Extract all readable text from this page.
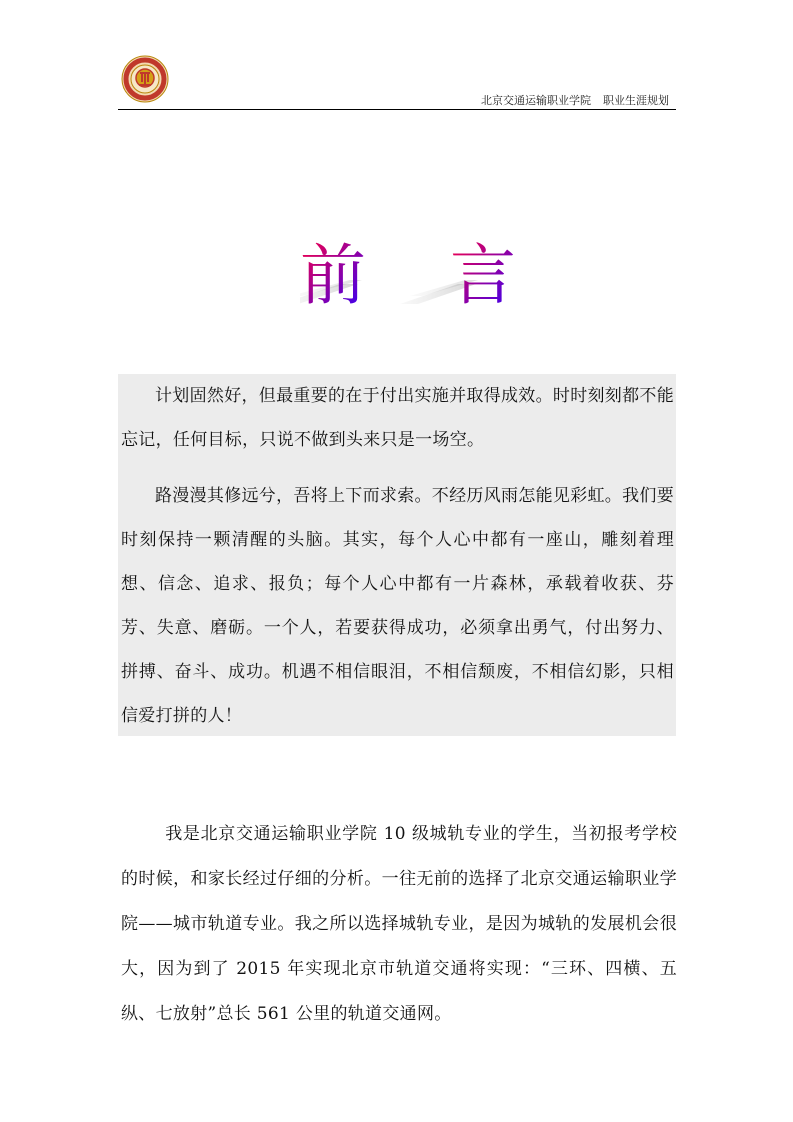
北京交通运输职业学院 职业生涯规划
前 言
计划固然好，但最重要的在于付出实施并取得成效。时时刻刻都不能忘记，任何目标，只说不做到头来只是一场空。
路漫漫其修远兮，吾将上下而求索。不经历风雨怎能见彩虹。我们要时刻保持一颗清醒的头脑。其实，每个人心中都有一座山，雕刻着理想、信念、追求、报负；每个人心中都有一片森林，承载着收获、芬芳、失意、磨砺。一个人，若要获得成功，必须拿出勇气，付出努力、拼搏、奋斗、成功。机遇不相信眼泪，不相信颓废，不相信幻影，只相信爱打拼的人！
我是北京交通运输职业学院 10 级城轨专业的学生，当初报考学校的时候，和家长经过仔细的分析。一往无前的选择了北京交通运输职业学院——城市轨道专业。我之所以选择城轨专业，是因为城轨的发展机会很大，因为到了 2015 年实现北京市轨道交通将实现：“三环、四横、五纵、七放射”总长 561 公里的轨道交通网。
